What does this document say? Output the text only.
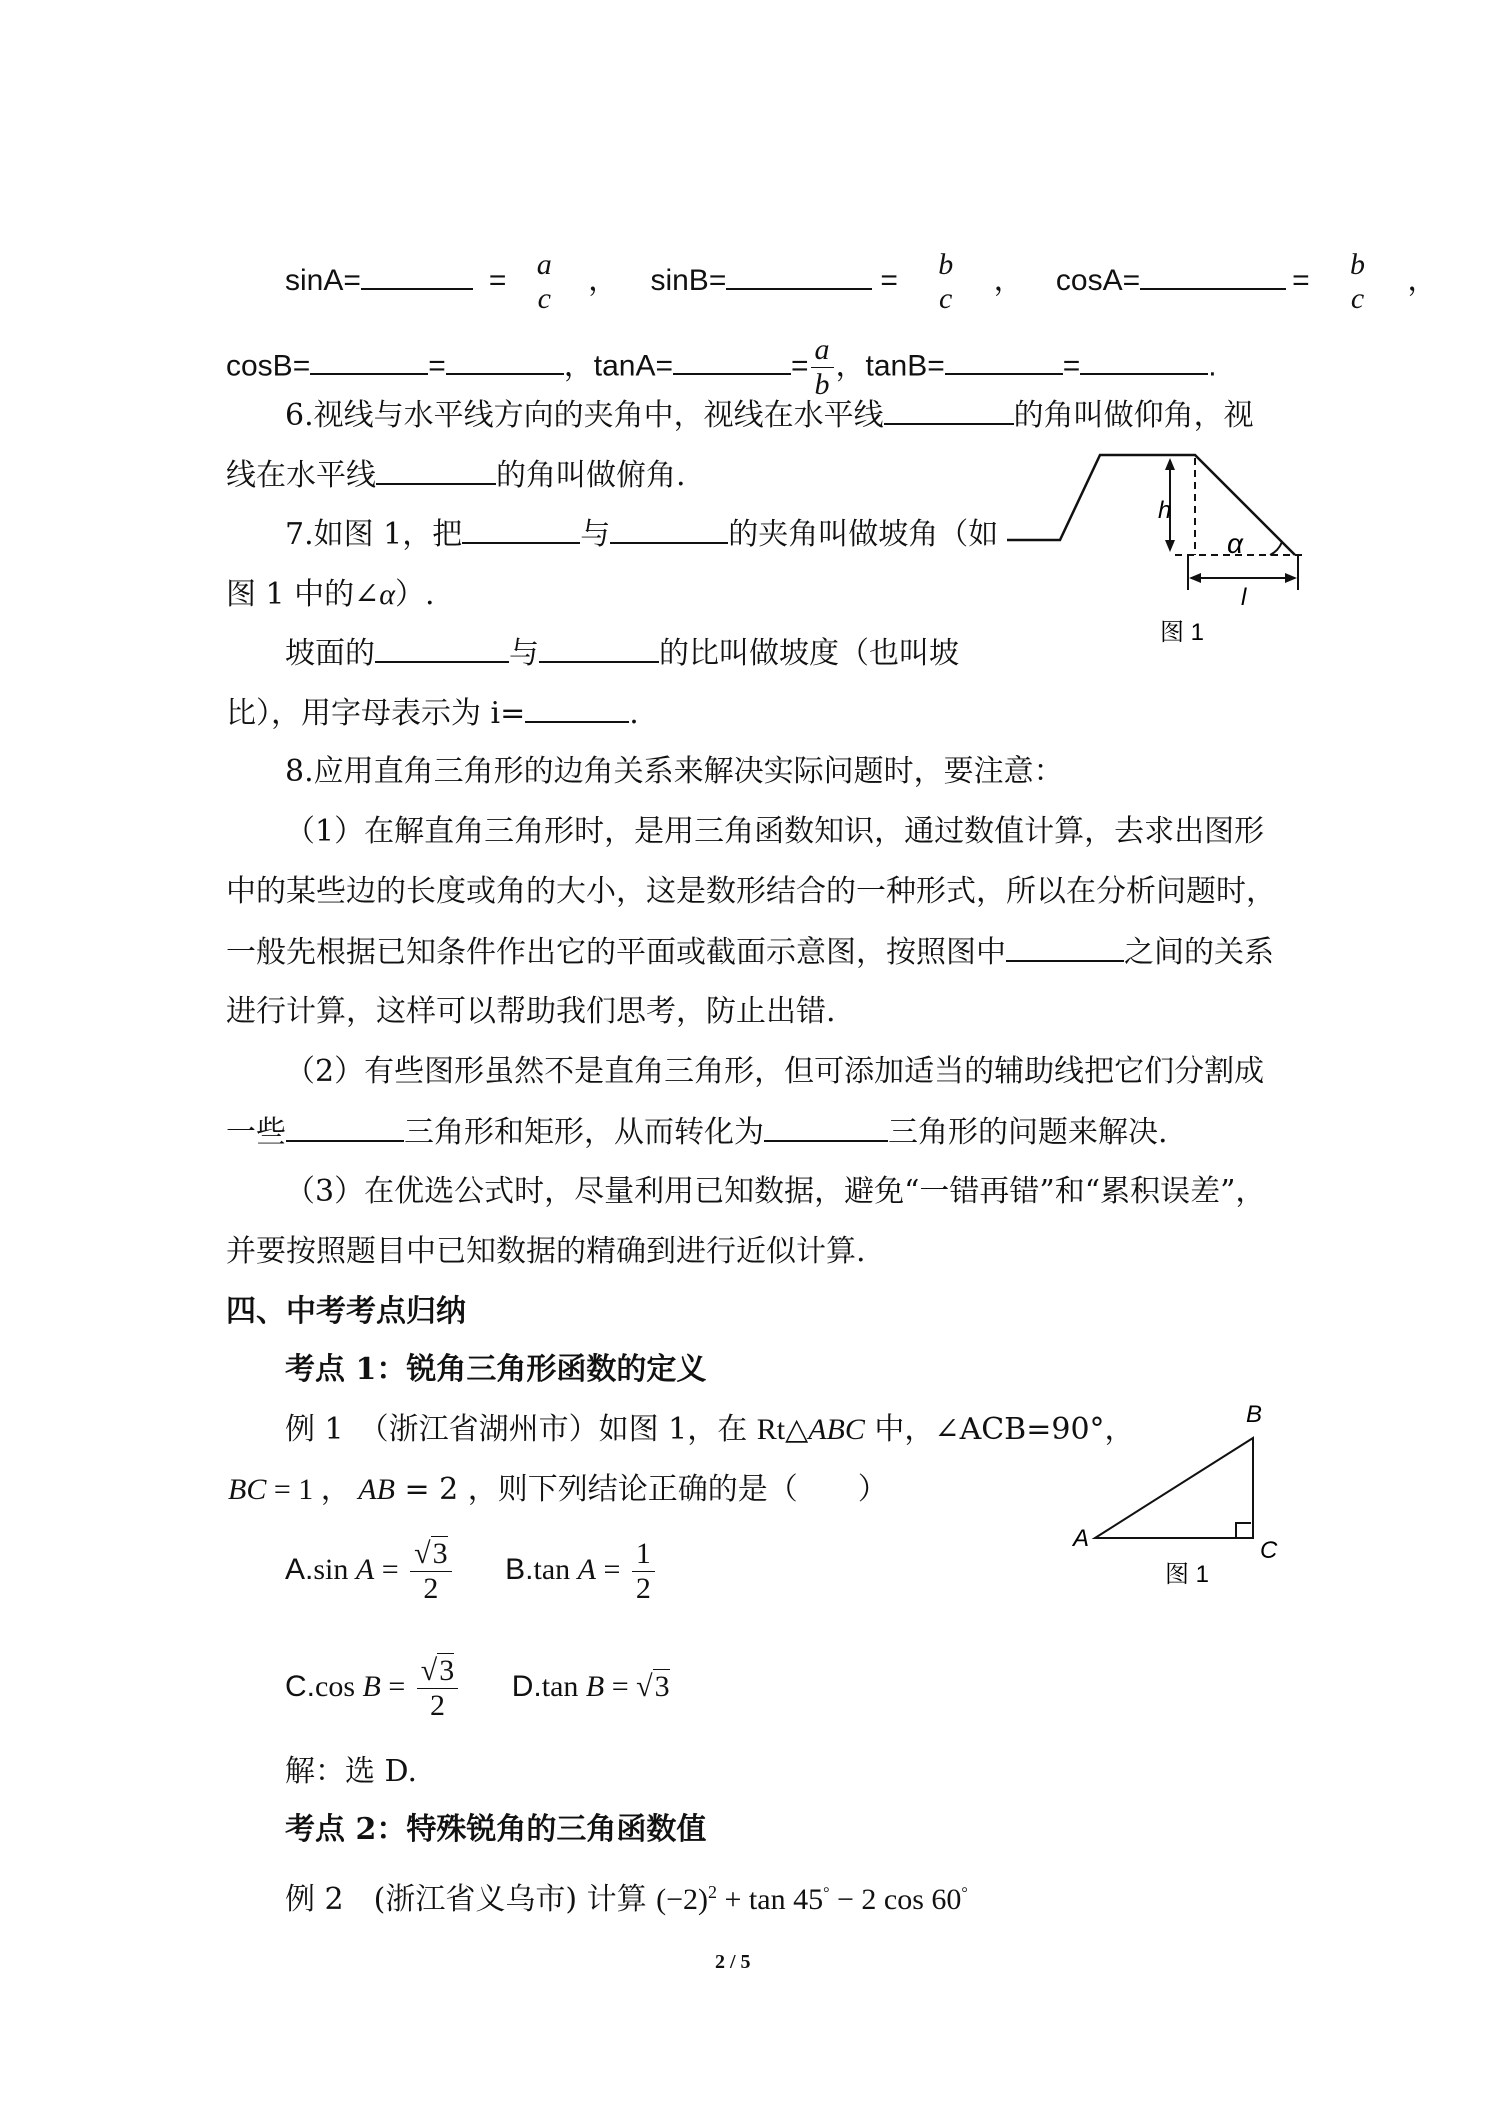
sinA=	= a
c
， sinB=	= b
c
， cosA=	= b
c
，
cosB=	=	，tanA=	= $\frac{a}{b}$ ，tanB=	=	.
6.视线与水平线方向的夹角中，视线在水平线	的角叫做仰角，视
线在水平线	的角叫做俯角.
7.如图 1，把	与	的夹角叫做坡角（如
图 1 中的∠α）.
坡面的	与	的比叫做坡度（也叫坡
比），用字母表示为 i=	.
h
α
l
图 1
8.应用直角三角形的边角关系来解决实际问题时，要注意：
（1）在解直角三角形时，是用三角函数知识，通过数值计算，去求出图形
中的某些边的长度或角的大小，这是数形结合的一种形式，所以在分析问题时，
一般先根据已知条件作出它的平面或截面示意图，按照图中	之间的关系
进行计算，这样可以帮助我们思考，防止出错.
（2）有些图形虽然不是直角三角形，但可添加适当的辅助线把它们分割成
一些	三角形和矩形，从而转化为	三角形的问题来解决.
（3）在优选公式时，尽量利用已知数据，避免“一错再错”和“累积误差”，
并要按照题目中已知数据的精确到进行近似计算.
四、中考考点归纳
考点 1：锐角三角形函数的定义
例 1　（浙江省湖州市）如图 1，在 Rt△ABC 中，∠ACB=90°，
BC = 1 ， AB = 2 ，则下列结论正确的是（　　）
A.sin $A = \frac{√3}{2} B.\tan$ $A = \frac{1}{2}$
C.cos $B = \frac{√3}{2} D.\tan$ B = √3
解：选 D.
A
B
C
图 1
考点 2：特殊锐角的三角函数值
例 2　(浙江省义乌市) 计算 $(-2)^2 + \tan 45^\circ - 2$ cos 60°
2 / 5
